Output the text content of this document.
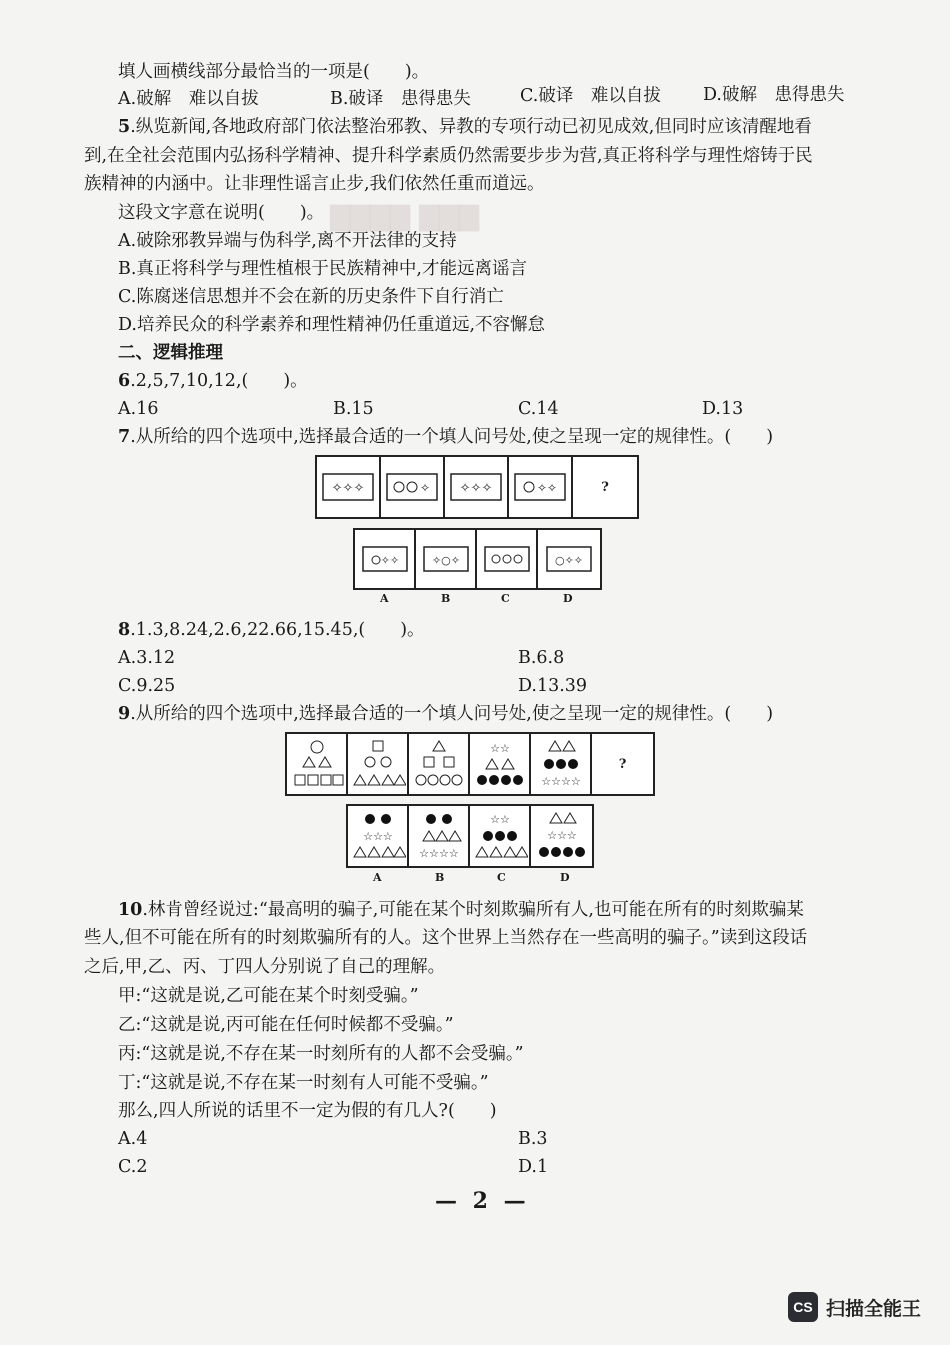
▇▇▇ ▇▇▇▇
填人画横线部分最恰当的一项是(　　)。
A.破解　难以自拔	B.破译　患得患失	C.破译　难以自拔 D.破解　患得患失
5.纵览新闻,各地政府部门依法整治邪教、异教的专项行动已初见成效,但同时应该清醒地看
到,在全社会范围内弘扬科学精神、提升科学素质仍然需要步步为营,真正将科学与理性熔铸于民
族精神的内涵中。让非理性谣言止步,我们依然任重而道远。
这段文字意在说明(　　)。
A.破除邪教异端与伪科学,离不开法律的支持
B.真正将科学与理性植根于民族精神中,才能远离谣言
C.陈腐迷信思想并不会在新的历史条件下自行消亡
D.培养民众的科学素养和理性精神仍任重道远,不容懈怠
二、逻辑推理
6.2,5,7,10,12,(　　)。
A.16	B.15	C.14	D.13
7.从所给的四个选项中,选择最合适的一个填人问号处,使之呈现一定的规律性。(　　)
✧✧✧	✧ ✧✧✧	✧✧	?
✧✧	✧○✧	○✧✧
A	B	C	D
8.1.3,8.24,2.6,22.66,15.45,(　　)。
A.3.12	B.6.8
C.9.25	D.13.39
9.从所给的四个选项中,选择最合适的一个填人问号处,使之呈现一定的规律性。(　　)
☆☆
☆☆☆☆
?
☆☆☆
☆☆☆☆
☆☆
☆☆☆
A	B	C	D
10.林肯曾经说过:“最高明的骗子,可能在某个时刻欺骗所有人,也可能在所有的时刻欺骗某
些人,但不可能在所有的时刻欺骗所有的人。这个世界上当然存在一些高明的骗子。”读到这段话
之后,甲,乙、丙、丁四人分别说了自己的理解。
甲:“这就是说,乙可能在某个时刻受骗。”
乙:“这就是说,丙可能在任何时候都不受骗。”
丙:“这就是说,不存在某一时刻所有的人都不会受骗。”
丁:“这就是说,不存在某一时刻有人可能不受骗。”
那么,四人所说的话里不一定为假的有几人?(　　)
A.4	B.3
C.2	D.1
— 2 —
CS 扫描全能王
